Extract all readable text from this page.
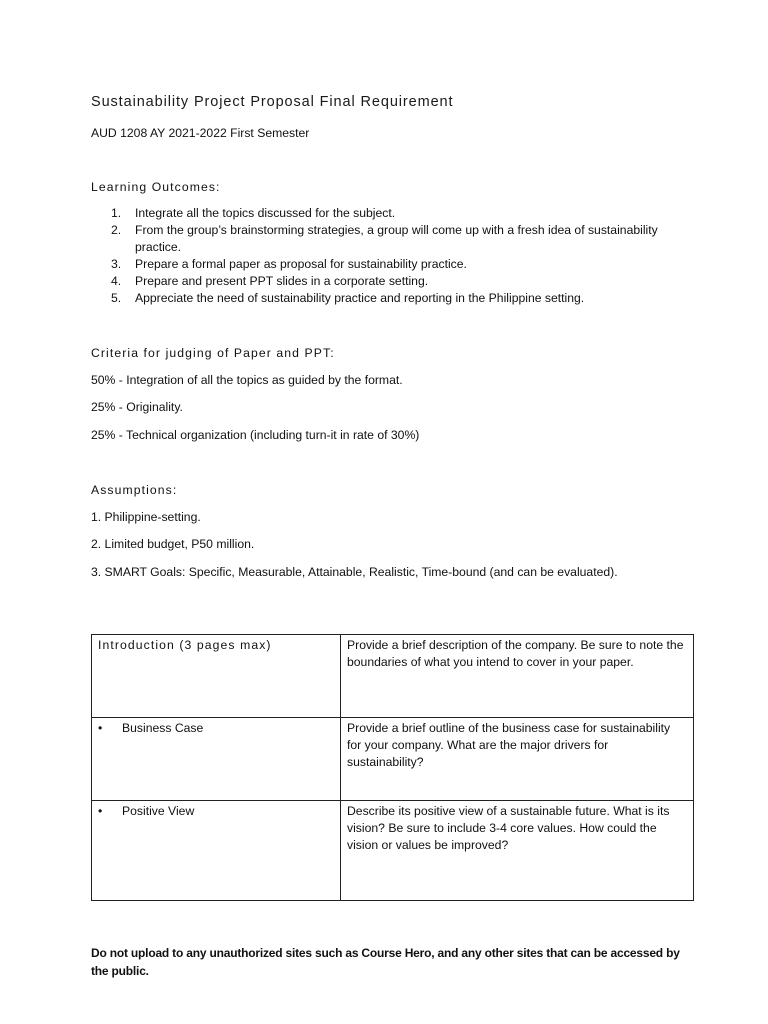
Sustainability Project Proposal Final Requirement
AUD 1208 AY 2021-2022 First Semester
Learning Outcomes:
1. Integrate all the topics discussed for the subject.
2. From the group’s brainstorming strategies, a group will come up with a fresh idea of sustainability practice.
3. Prepare a formal paper as proposal for sustainability practice.
4. Prepare and present PPT slides in a corporate setting.
5. Appreciate the need of sustainability practice and reporting in the Philippine setting.
Criteria for judging of Paper and PPT:
50% - Integration of all the topics as guided by the format.
25% - Originality.
25% - Technical organization (including turn-it in rate of 30%)
Assumptions:
1. Philippine-setting.
2. Limited budget, P50 million.
3. SMART Goals: Specific, Measurable, Attainable, Realistic, Time-bound (and can be evaluated).
Introduction (3 pages max)	Provide a brief description of the company. Be sure to note the boundaries of what you intend to cover in your paper.
• Business Case	Provide a brief outline of the business case for sustainability for your company. What are the major drivers for sustainability?
• Positive View	Describe its positive view of a sustainable future. What is its vision? Be sure to include 3-4 core values. How could the vision or values be improved?
Do not upload to any unauthorized sites such as Course Hero, and any other sites that can be accessed by the public.
